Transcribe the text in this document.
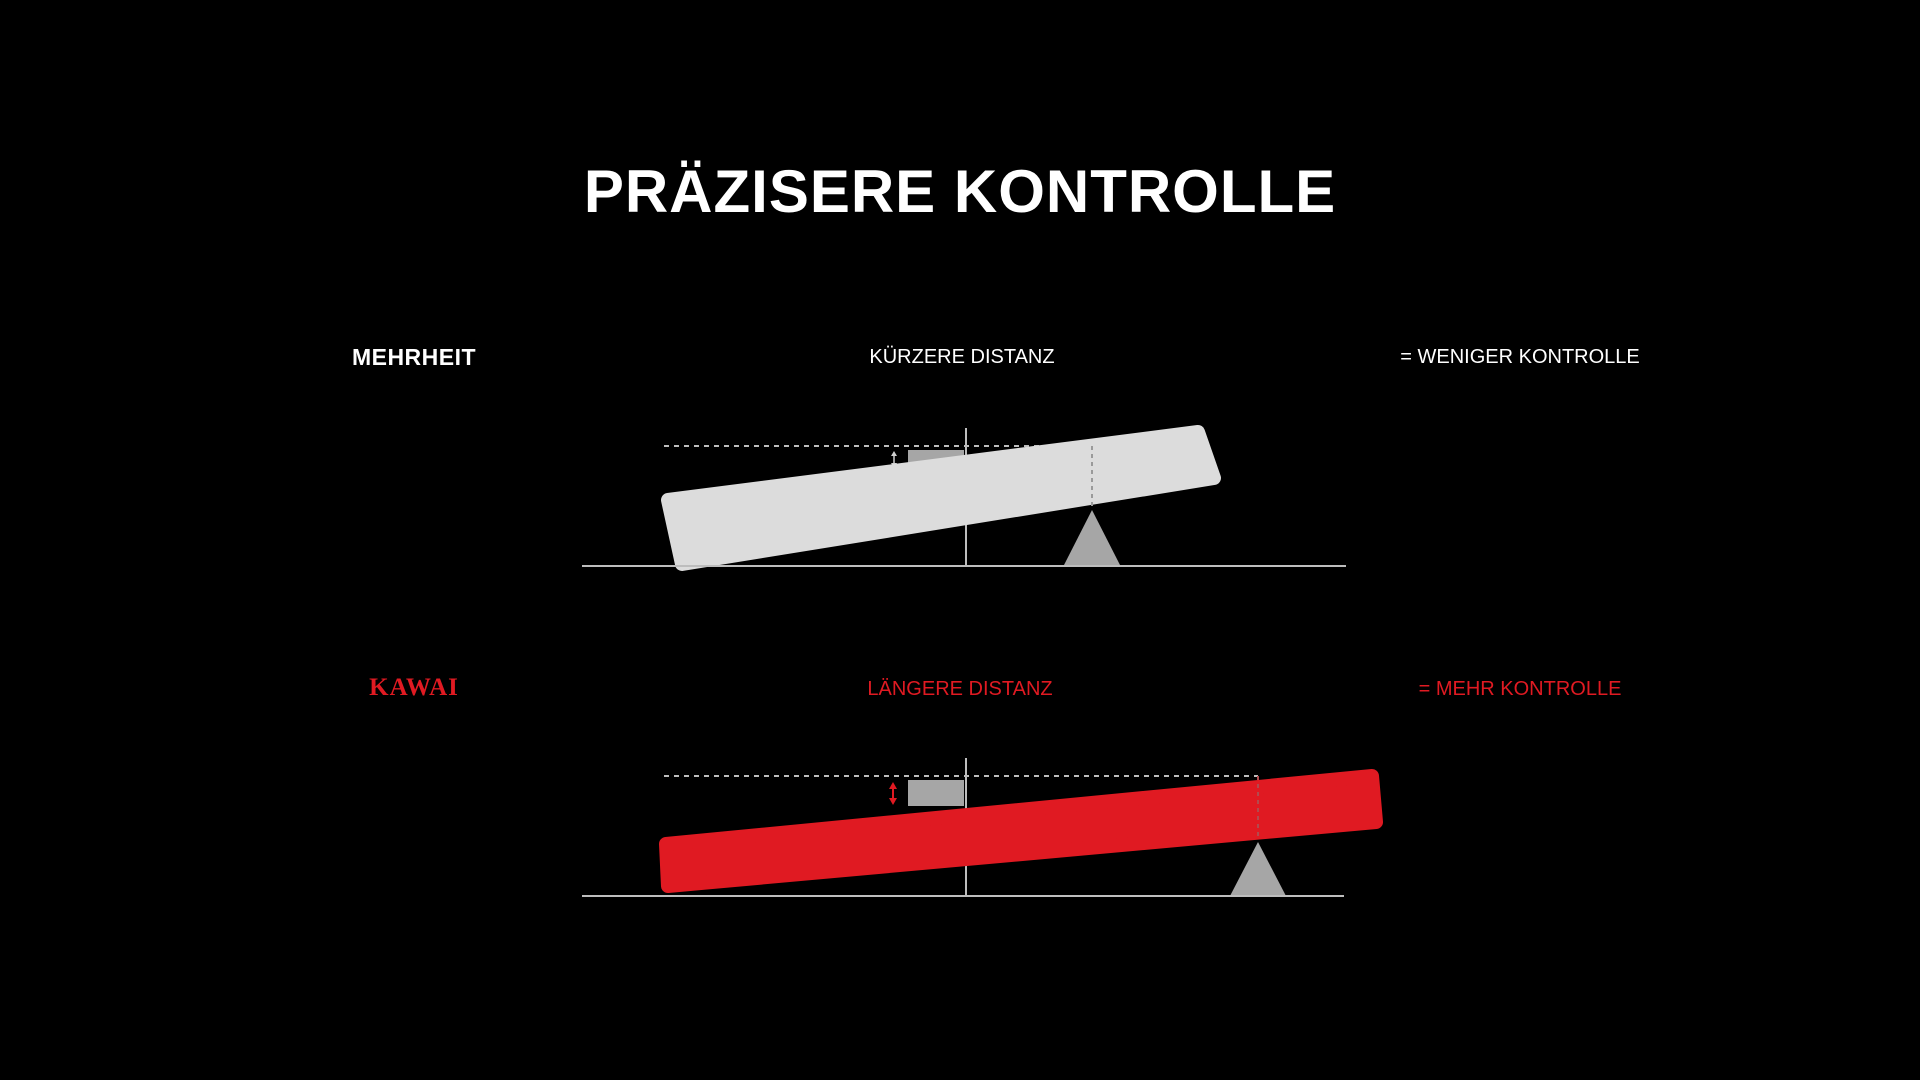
PRÄZISERE KONTROLLE
MEHRHEIT	KÜRZERE DISTANZ	= WENIGER KONTROLLE
KAWAI	LÄNGERE DISTANZ	= MEHR KONTROLLE
